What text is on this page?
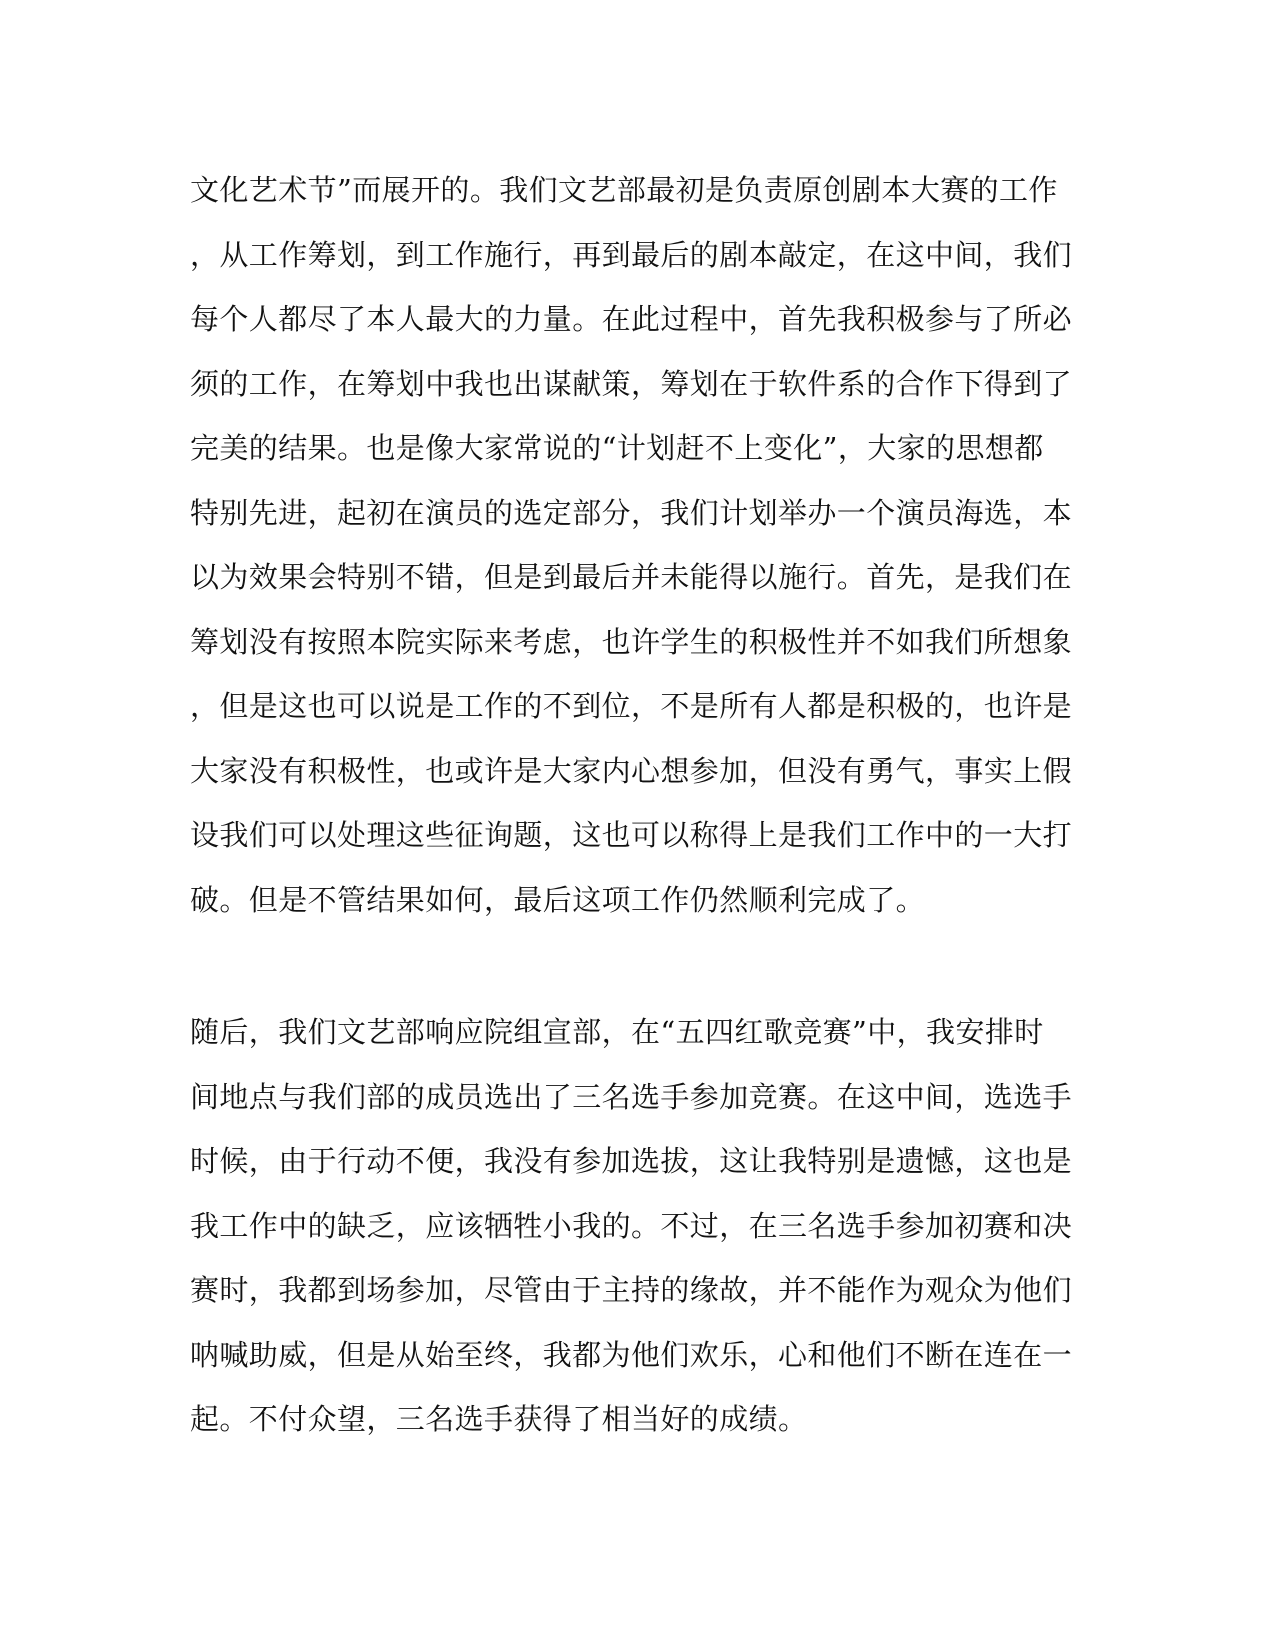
文化艺术节”而展开的。我们文艺部最初是负责原创剧本大赛的工作
，从工作筹划，到工作施行，再到最后的剧本敲定，在这中间，我们
每个人都尽了本人最大的力量。在此过程中，首先我积极参与了所必
须的工作，在筹划中我也出谋献策，筹划在于软件系的合作下得到了
完美的结果。也是像大家常说的“计划赶不上变化”，大家的思想都
特别先进，起初在演员的选定部分，我们计划举办一个演员海选，本
以为效果会特别不错，但是到最后并未能得以施行。首先，是我们在
筹划没有按照本院实际来考虑，也许学生的积极性并不如我们所想象
，但是这也可以说是工作的不到位，不是所有人都是积极的，也许是
大家没有积极性，也或许是大家内心想参加，但没有勇气，事实上假
设我们可以处理这些征询题，这也可以称得上是我们工作中的一大打
破。但是不管结果如何，最后这项工作仍然顺利完成了。
随后，我们文艺部响应院组宣部，在“五四红歌竞赛”中，我安排时
间地点与我们部的成员选出了三名选手参加竞赛。在这中间，选选手
时候，由于行动不便，我没有参加选拔，这让我特别是遗憾，这也是
我工作中的缺乏，应该牺牲小我的。不过，在三名选手参加初赛和决
赛时，我都到场参加，尽管由于主持的缘故，并不能作为观众为他们
呐喊助威，但是从始至终，我都为他们欢乐，心和他们不断在连在一
起。不付众望，三名选手获得了相当好的成绩。
